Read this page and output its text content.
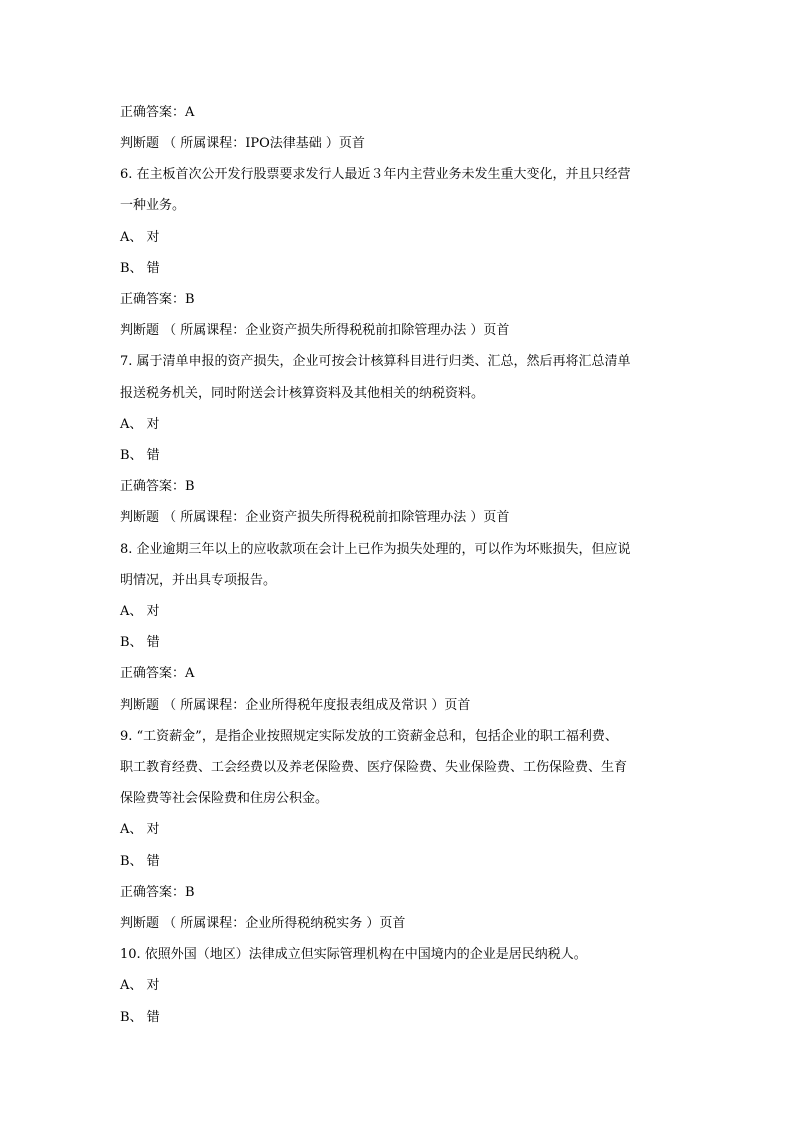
正确答案：A
判断题 （ 所属课程：IPO法律基础 ）页首
6. 在主板首次公开发行股票要求发行人最近３年内主营业务未发生重大变化，并且只经营
一种业务。
A、 对
B、 错
正确答案：B
判断题 （ 所属课程：企业资产损失所得税税前扣除管理办法 ）页首
7. 属于清单申报的资产损失，企业可按会计核算科目进行归类、汇总，然后再将汇总清单
报送税务机关，同时附送会计核算资料及其他相关的纳税资料。
A、 对
B、 错
正确答案：B
判断题 （ 所属课程：企业资产损失所得税税前扣除管理办法 ）页首
8. 企业逾期三年以上的应收款项在会计上已作为损失处理的，可以作为坏账损失，但应说
明情况，并出具专项报告。
A、 对
B、 错
正确答案：A
判断题 （ 所属课程：企业所得税年度报表组成及常识 ）页首
9. “工资薪金”，是指企业按照规定实际发放的工资薪金总和，包括企业的职工福利费、
职工教育经费、工会经费以及养老保险费、医疗保险费、失业保险费、工伤保险费、生育
保险费等社会保险费和住房公积金。
A、 对
B、 错
正确答案：B
判断题 （ 所属课程：企业所得税纳税实务 ）页首
10. 依照外国（地区）法律成立但实际管理机构在中国境内的企业是居民纳税人。
A、 对
B、 错
